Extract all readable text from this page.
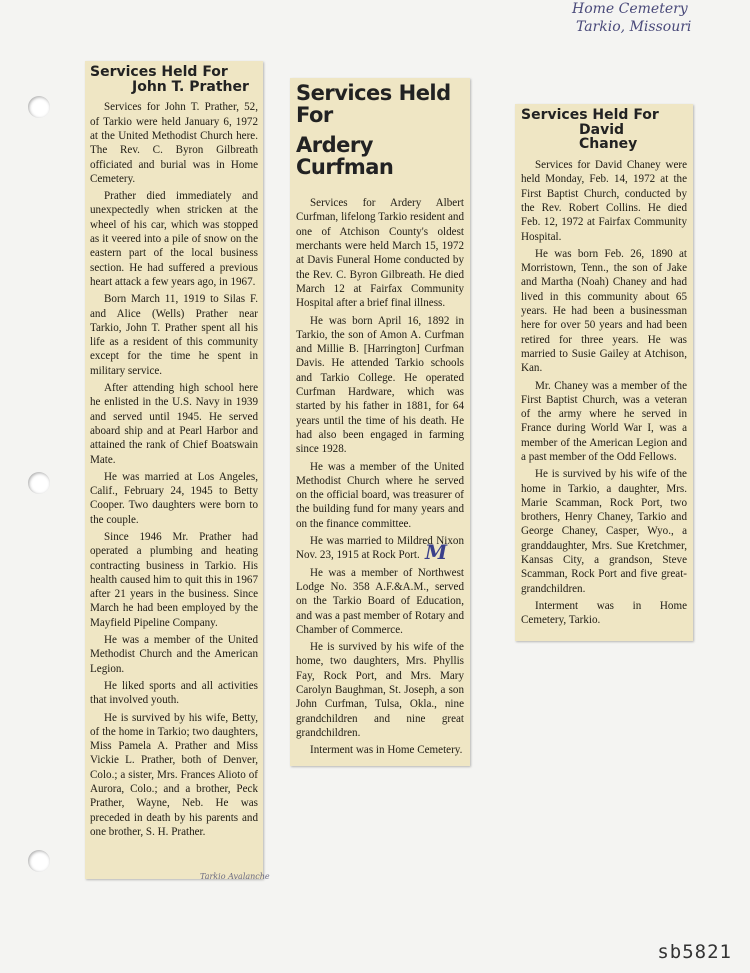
Home Cemetery
Tarkio, Missouri
Services Held For
John T. Prather

Services for John T. Prather, 52, of Tarkio were held January 6, 1972 at the United Methodist Church here. The Rev. C. Byron Gilbreath officiated and burial was in Home Cemetery.

Prather died immediately and unexpectedly when stricken at the wheel of his car, which was stopped as it veered into a pile of snow on the eastern part of the local business section. He had suffered a previous heart attack a few years ago, in 1967.

Born March 11, 1919 to Silas F. and Alice (Wells) Prather near Tarkio, John T. Prather spent all his life as a resident of this community except for the time he spent in military service.

After attending high school here he enlisted in the U.S. Navy in 1939 and served until 1945. He served aboard ship and at Pearl Harbor and attained the rank of Chief Boatswain Mate.

He was married at Los Angeles, Calif., February 24, 1945 to Betty Cooper. Two daughters were born to the couple.

Since 1946 Mr. Prather had operated a plumbing and heating contracting business in Tarkio. His health caused him to quit this in 1967 after 21 years in the business. Since March he had been employed by the Mayfield Pipeline Company.

He was a member of the United Methodist Church and the American Legion.

He liked sports and all activities that involved youth.

He is survived by his wife, Betty, of the home in Tarkio; two daughters, Miss Pamela A. Prather and Miss Vickie L. Prather, both of Denver, Colo.; a sister, Mrs. Frances Alioto of Aurora, Colo.; and a brother, Peck Prather, Wayne, Neb. He was preceded in death by his parents and one brother, S. H. Prather.

Tarkio Avalanche
Services Held For
Ardery Curfman

Services for Ardery Albert Curfman, lifelong Tarkio resident and one of Atchison County's oldest merchants were held March 15, 1972 at Davis Funeral Home conducted by the Rev. C. Byron Gilbreath. He died March 12 at Fairfax Community Hospital after a brief final illness.

He was born April 16, 1892 in Tarkio, the son of Amon A. Curfman and Millie B. [Harrington] Curfman Davis. He attended Tarkio schools and Tarkio College. He operated Curfman Hardware, which was started by his father in 1881, for 64 years until the time of his death. He had also been engaged in farming since 1928.

He was a member of the United Methodist Church where he served on the official board, was treasurer of the building fund for many years and on the finance committee.

He was married to Mildred Nixon Nov. 23, 1915 at Rock Port.

He was a member of Northwest Lodge No. 358 A.F.&A.M., served on the Tarkio Board of Education, and was a past member of Rotary and Chamber of Commerce.

He is survived by his wife of the home, two daughters, Mrs. Phyllis Fay, Rock Port, and Mrs. Mary Carolyn Baughman, St. Joseph, a son John Curfman, Tulsa, Okla., nine grandchildren and nine great grandchildren.

Interment was in Home Cemetery.

M
Services Held For
David Chaney

Services for David Chaney were held Monday, Feb. 14, 1972 at the First Baptist Church, conducted by the Rev. Robert Collins. He died Feb. 12, 1972 at Fairfax Community Hospital.

He was born Feb. 26, 1890 at Morristown, Tenn., the son of Jake and Martha (Noah) Chaney and had lived in this community about 65 years. He had been a businessman here for over 50 years and had been retired for three years. He was married to Susie Gailey at Atchison, Kan.

Mr. Chaney was a member of the First Baptist Church, was a veteran of the army where he served in France during World War I, was a member of the American Legion and a past member of the Odd Fellows.

He is survived by his wife of the home in Tarkio, a daughter, Mrs. Marie Scamman, Rock Port, two brothers, Henry Chaney, Tarkio and George Chaney, Casper, Wyo., a granddaughter, Mrs. Sue Kretchmer, Kansas City, a grandson, Steve Scamman, Rock Port and five great-grandchildren.

Interment was in Home Cemetery, Tarkio.

sb5821
